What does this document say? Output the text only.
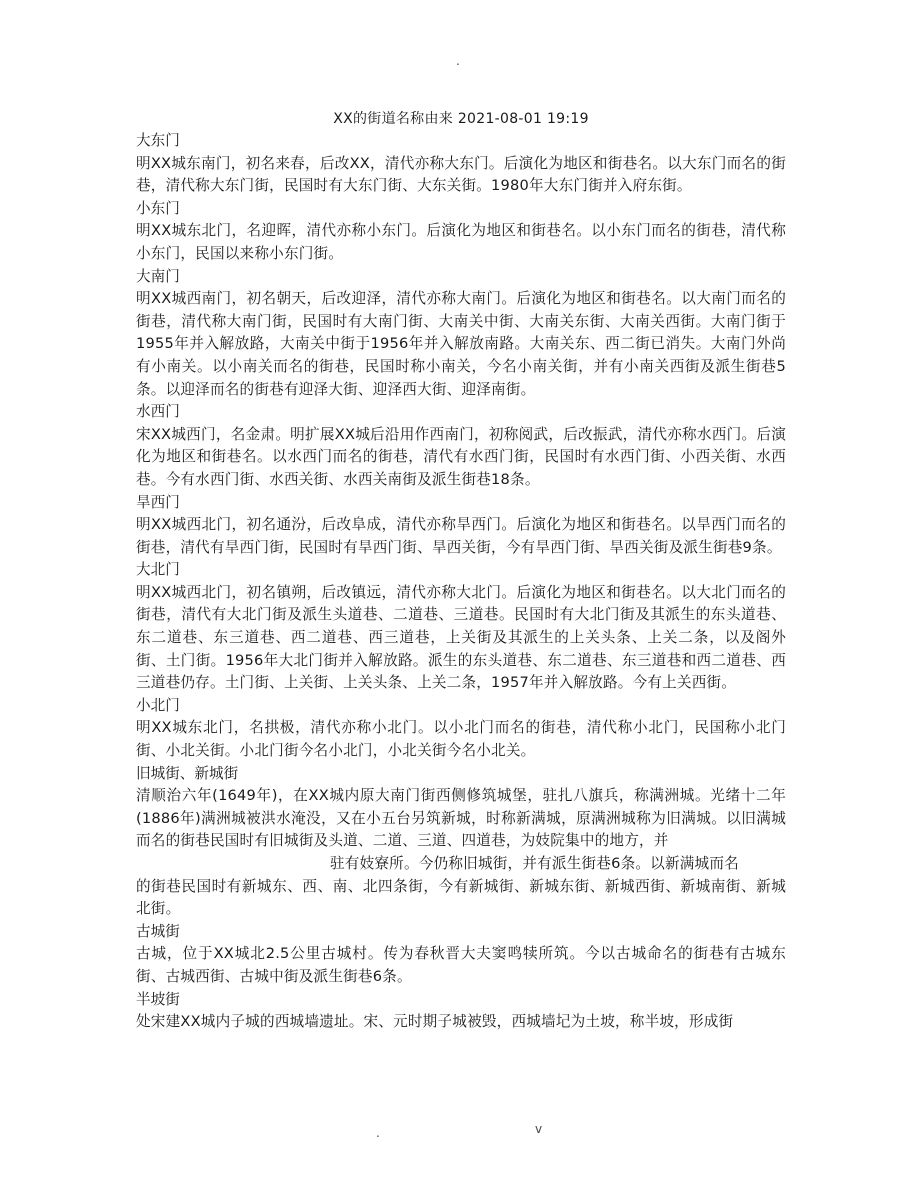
.
XX的街道名称由来 2021-08-01 19:19
大东门
明XX城东南门，初名来春，后改XX，清代亦称大东门。后演化为地区和街巷名。以大东门而名的街巷，清代称大东门街，民国时有大东门街、大东关街。1980年大东门街并入府东街。
小东门
明XX城东北门，名迎晖，清代亦称小东门。后演化为地区和街巷名。以小东门而名的街巷，清代称小东门，民国以来称小东门街。
大南门
明XX城西南门，初名朝天，后改迎泽，清代亦称大南门。后演化为地区和街巷名。以大南门而名的街巷，清代称大南门街，民国时有大南门街、大南关中街、大南关东街、大南关西街。大南门街于1955年并入解放路，大南关中街于1956年并入解放南路。大南关东、西二街已消失。大南门外尚有小南关。以小南关而名的街巷，民国时称小南关，今名小南关街，并有小南关西街及派生街巷5条。以迎泽而名的街巷有迎泽大街、迎泽西大街、迎泽南街。
水西门
宋XX城西门，名金肃。明扩展XX城后沿用作西南门，初称阅武，后改振武，清代亦称水西门。后演化为地区和街巷名。以水西门而名的街巷，清代有水西门街，民国时有水西门街、小西关街、水西巷。今有水西门街、水西关街、水西关南街及派生街巷18条。
旱西门
明XX城西北门，初名通汾，后改阜成，清代亦称旱西门。后演化为地区和街巷名。以旱西门而名的街巷，清代有旱西门街，民国时有旱西门街、旱西关街，今有旱西门街、旱西关街及派生街巷9条。
大北门
明XX城西北门，初名镇朔，后改镇远，清代亦称大北门。后演化为地区和街巷名。以大北门而名的街巷，清代有大北门街及派生头道巷、二道巷、三道巷。民国时有大北门街及其派生的东头道巷、东二道巷、东三道巷、西二道巷、西三道巷，上关街及其派生的上关头条、上关二条，以及阁外街、土门街。1956年大北门街并入解放路。派生的东头道巷、东二道巷、东三道巷和西二道巷、西三道巷仍存。土门街、上关街、上关头条、上关二条，1957年并入解放路。今有上关西街。
小北门
明XX城东北门，名拱极，清代亦称小北门。以小北门而名的街巷，清代称小北门，民国称小北门街、小北关街。小北门街今名小北门，小北关街今名小北关。
旧城街、新城街
清顺治六年(1649年)，在XX城内原大南门街西侧修筑城堡，驻扎八旗兵，称满洲城。光绪十二年(1886年)满洲城被洪水淹没，又在小五台另筑新城，时称新满城，原满洲城称为旧满城。以旧满城而名的街巷民国时有旧城街及头道、二道、三道、四道巷，为妓院集中的地方，并
驻有妓寮所。今仍称旧城街，并有派生街巷6条。以新满城而名
的街巷民国时有新城东、西、南、北四条街，今有新城街、新城东街、新城西街、新城南街、新城北街。
古城街
古城，位于XX城北2.5公里古城村。传为春秋晋大夫窦鸣犊所筑。今以古城命名的街巷有古城东街、古城西街、古城中街及派生街巷6条。
半坡街
处宋建XX城内子城的西城墙遗址。宋、元时期子城被毁，西城墙圮为土坡，称半坡，形成街
.	v
